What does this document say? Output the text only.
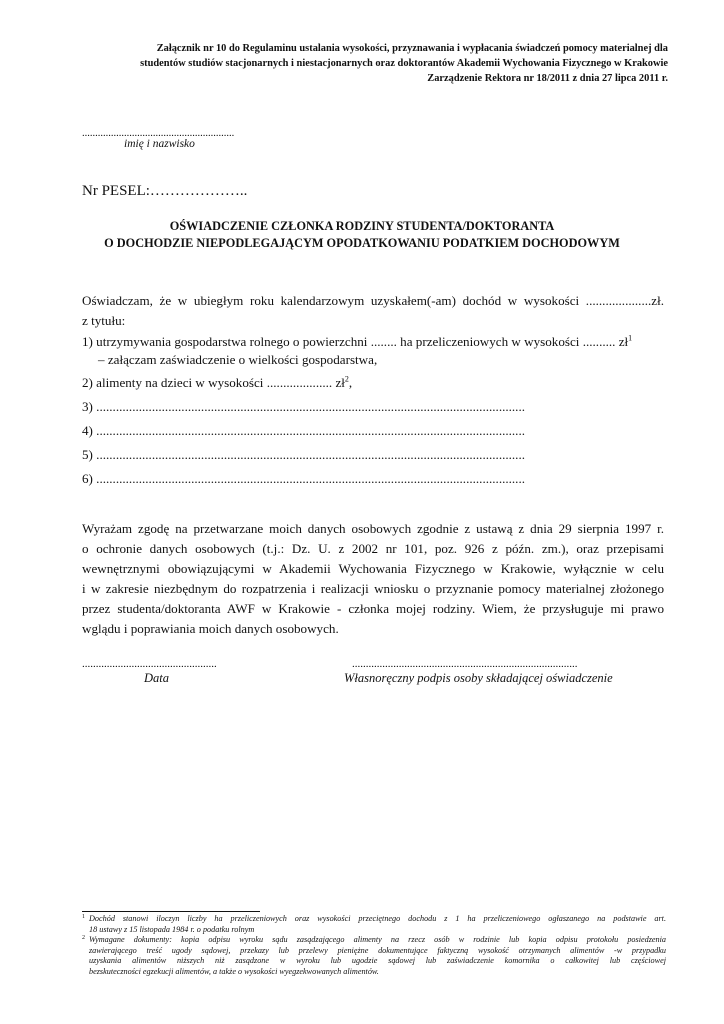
Załącznik nr 10 do Regulaminu ustalania wysokości, przyznawania i wypłacania świadczeń pomocy materialnej dla
studentów studiów stacjonarnych i niestacjonarnych oraz doktorantów Akademii Wychowania Fizycznego w Krakowie
Zarządzenie Rektora nr 18/2011 z dnia 27 lipca 2011 r.
..........................................................
imię i nazwisko
Nr PESEL:………………..
OŚWIADCZENIE CZŁONKA RODZINY STUDENTA/DOKTORANTA
O DOCHODZIE NIEPODLEGAJĄCYM OPODATKOWANIU PODATKIEM DOCHODOWYM
Oświadczam, że w ubiegłym roku kalendarzowym uzyskałem(-am) dochód w wysokości ....................zł.
z tytułu:
1) utrzymywania gospodarstwa rolnego o powierzchni ........ ha przeliczeniowych w wysokości .......... $zł^1$
– załączam zaświadczenie o wielkości gospodarstwa,
2) alimenty na dzieci w wysokości .................... $zł^2$,
3) ...................................................................................................................................
4) ...................................................................................................................................
5) ...................................................................................................................................
6) ...................................................................................................................................
Wyrażam zgodę na przetwarzane moich danych osobowych zgodnie z ustawą z dnia 29 sierpnia 1997 r.
o ochronie danych osobowych (t.j.: Dz. U. z 2002 nr 101, poz. 926 z późn. zm.), oraz przepisami
wewnętrznymi obowiązującymi w Akademii Wychowania Fizycznego w Krakowie, wyłącznie w celu
i w zakresie niezbędnym do rozpatrzenia i realizacji wniosku o przyznanie pomocy materialnej złożonego
przez studenta/doktoranta AWF w Krakowie - członka mojej rodziny. Wiem, że przysługuje mi prawo
wglądu i poprawiania moich danych osobowych.
.................................................	..................................................................................
Data	Własnoręczny podpis osoby składającej oświadczenie
1 Dochód stanowi iloczyn liczby ha przeliczeniowych oraz wysokości przeciętnego dochodu z 1 ha przeliczeniowego ogłaszanego na podstawie art.
18 ustawy z 15 listopada 1984 r. o podatku rolnym
2 Wymagane dokumenty: kopia odpisu wyroku sądu zasądzającego alimenty na rzecz osób w rodzinie lub kopia odpisu protokołu posiedzenia
zawierającego treść ugody sądowej, przekazy lub przelewy pieniężne dokumentujące faktyczną wysokość otrzymanych alimentów -w przypadku
uzyskania alimentów niższych niż zasądzone w wyroku lub ugodzie sądowej lub zaświadczenie komornika o całkowitej lub częściowej
bezskuteczności egzekucji alimentów, a także o wysokości wyegzekwowanych alimentów.
